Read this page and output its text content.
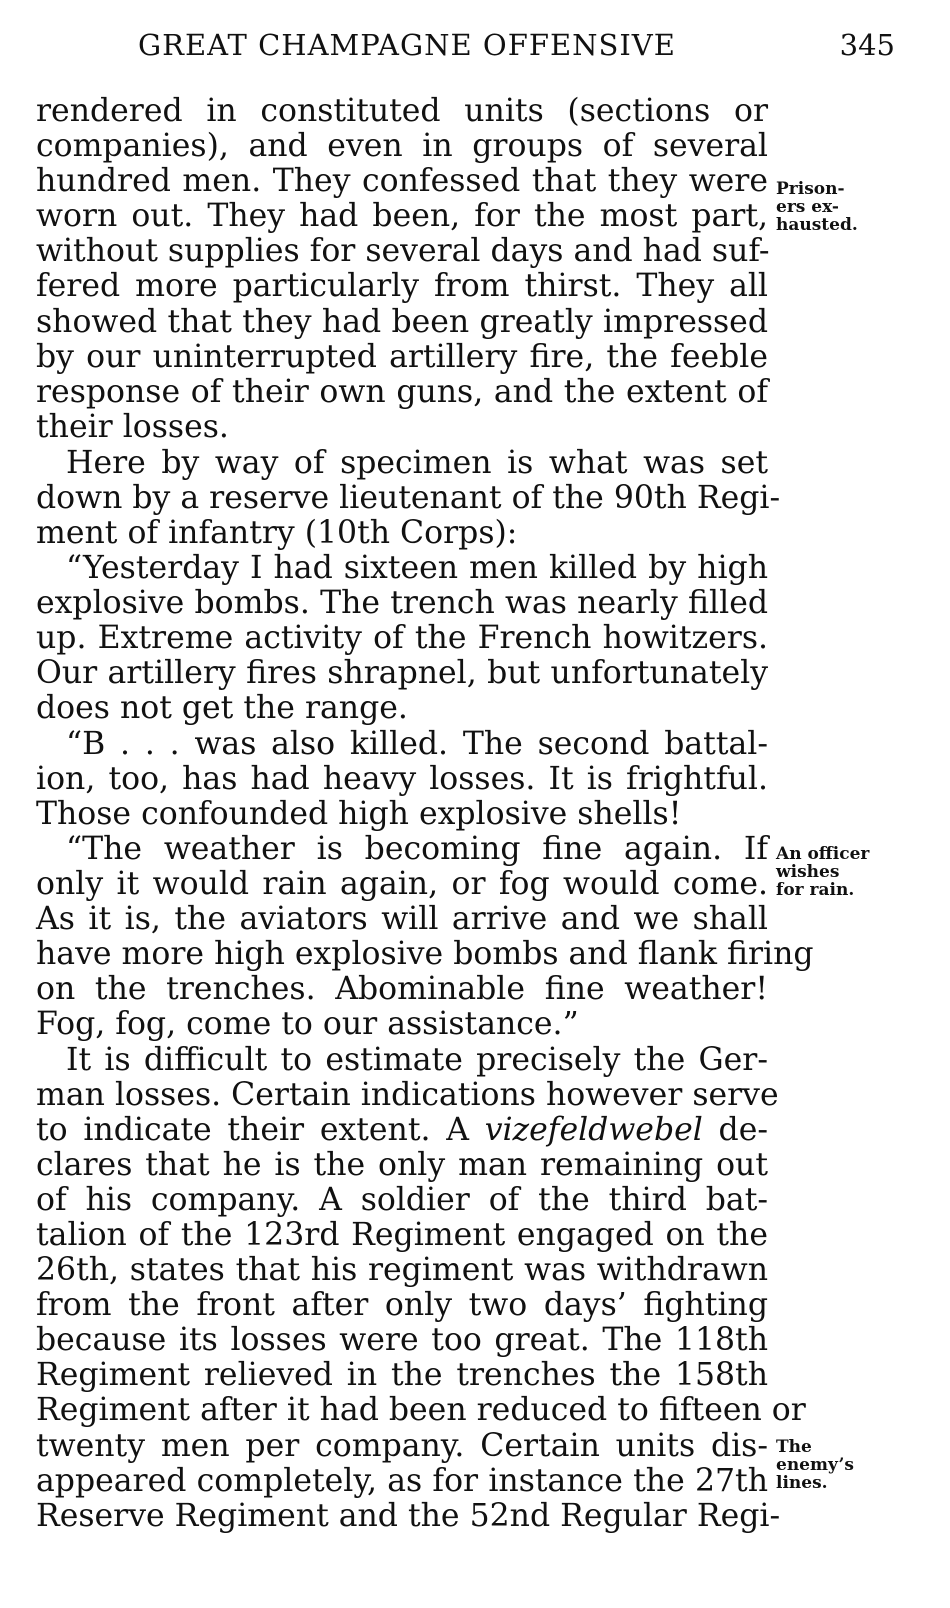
GREAT CHAMPAGNE OFFENSIVE	345
rendered in constituted units (sections or
companies), and even in groups of several
hundred men. They confessed that they were
worn out. They had been, for the most part,
without supplies for several days and had suf-
fered more particularly from thirst. They all
showed that they had been greatly impressed
by our uninterrupted artillery fire, the feeble
response of their own guns, and the extent of
their losses.
Here by way of specimen is what was set
down by a reserve lieutenant of the 90th Regi-
ment of infantry (10th Corps):
“Yesterday I had sixteen men killed by high
explosive bombs. The trench was nearly filled
up. Extreme activity of the French howitzers.
Our artillery fires shrapnel, but unfortunately
does not get the range.
“B . . . was also killed. The second battal-
ion, too, has had heavy losses. It is frightful.
Those confounded high explosive shells!
“The weather is becoming fine again. If
only it would rain again, or fog would come.
As it is, the aviators will arrive and we shall
have more high explosive bombs and flank firing
on the trenches. Abominable fine weather!
Fog, fog, come to our assistance.”
It is difficult to estimate precisely the Ger-
man losses. Certain indications however serve
to indicate their extent. A vizefeldwebel de-
clares that he is the only man remaining out
of his company. A soldier of the third bat-
talion of the 123rd Regiment engaged on the
26th, states that his regiment was withdrawn
from the front after only two days’ fighting
because its losses were too great. The 118th
Regiment relieved in the trenches the 158th
Regiment after it had been reduced to fifteen or
twenty men per company. Certain units dis-
appeared completely, as for instance the 27th
Reserve Regiment and the 52nd Regular Regi-
Prison-
ers ex-
hausted.
An officer
wishes
for rain.
The
enemy’s
lines.
